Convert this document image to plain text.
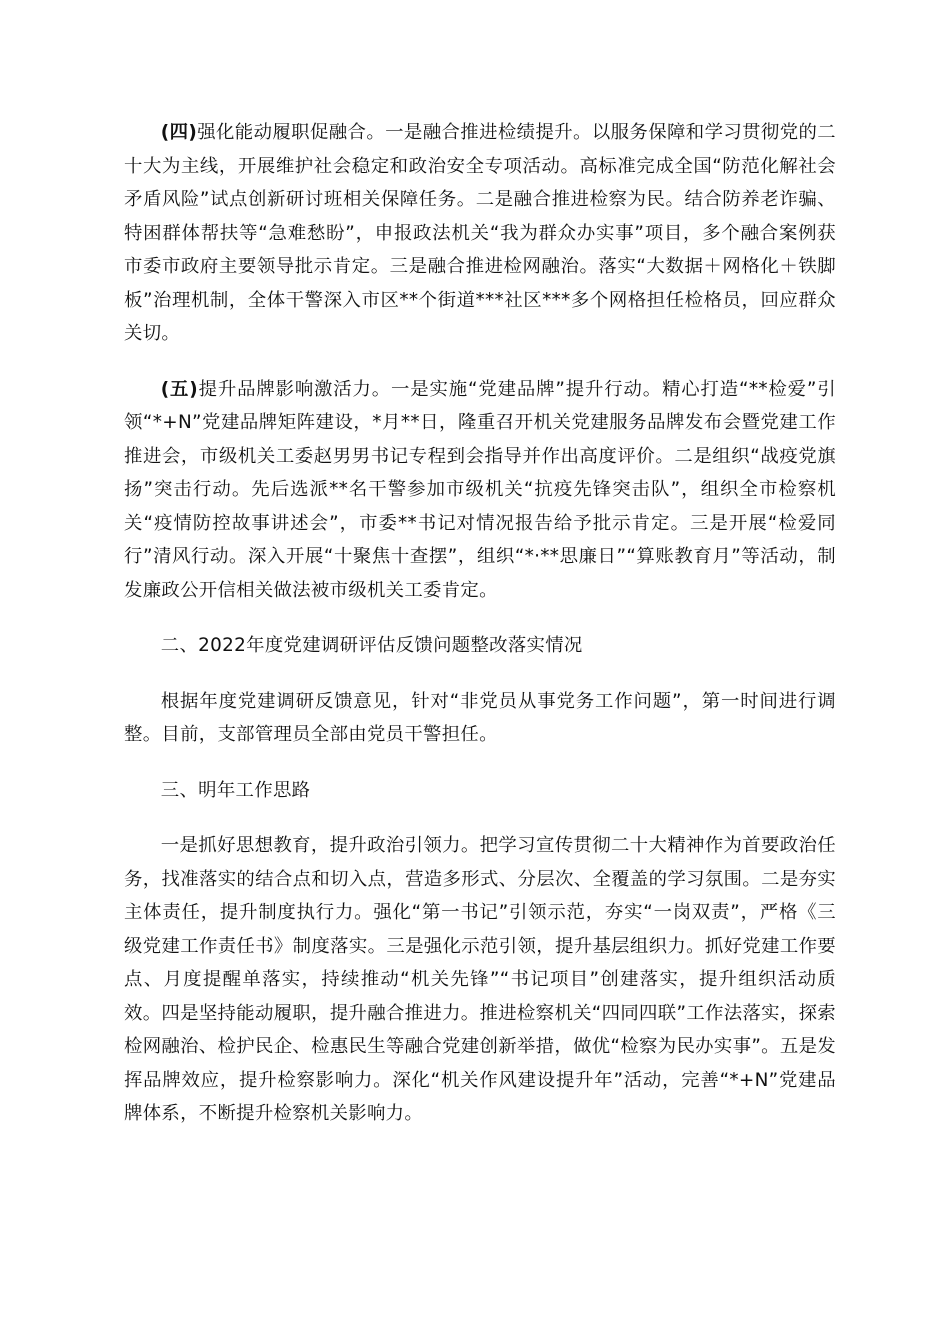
(四)强化能动履职促融合。一是融合推进检绩提升。以服务保障和学习贯彻党的二十大为主线，开展维护社会稳定和政治安全专项活动。高标准完成全国“防范化解社会矛盾风险”试点创新研讨班相关保障任务。二是融合推进检察为民。结合防养老诈骗、特困群体帮扶等“急难愁盼”，申报政法机关“我为群众办实事”项目，多个融合案例获市委市政府主要领导批示肯定。三是融合推进检网融治。落实“大数据＋网格化＋铁脚板”治理机制，全体干警深入市区**个街道***社区***多个网格担任检格员，回应群众关切。

(五)提升品牌影响激活力。一是实施“党建品牌”提升行动。精心打造“**检爱”引领“*+N”党建品牌矩阵建设，*月**日，隆重召开机关党建服务品牌发布会暨党建工作推进会，市级机关工委赵男男书记专程到会指导并作出高度评价。二是组织“战疫党旗扬”突击行动。先后选派**名干警参加市级机关“抗疫先锋突击队”，组织全市检察机关“疫情防控故事讲述会”，市委**书记对情况报告给予批示肯定。三是开展“检爱同行”清风行动。深入开展“十聚焦十查摆”，组织“*·**思廉日”“算账教育月”等活动，制发廉政公开信相关做法被市级机关工委肯定。

二、2022年度党建调研评估反馈问题整改落实情况

根据年度党建调研反馈意见，针对“非党员从事党务工作问题”，第一时间进行调整。目前，支部管理员全部由党员干警担任。

三、明年工作思路

一是抓好思想教育，提升政治引领力。把学习宣传贯彻二十大精神作为首要政治任务，找准落实的结合点和切入点，营造多形式、分层次、全覆盖的学习氛围。二是夯实主体责任，提升制度执行力。强化“第一书记”引领示范，夯实“一岗双责”，严格《三级党建工作责任书》制度落实。三是强化示范引领，提升基层组织力。抓好党建工作要点、月度提醒单落实，持续推动“机关先锋”“书记项目”创建落实，提升组织活动质效。四是坚持能动履职，提升融合推进力。推进检察机关“四同四联”工作法落实，探索检网融治、检护民企、检惠民生等融合党建创新举措，做优“检察为民办实事”。五是发挥品牌效应，提升检察影响力。深化“机关作风建设提升年”活动，完善“*+N”党建品牌体系，不断提升检察机关影响力。
